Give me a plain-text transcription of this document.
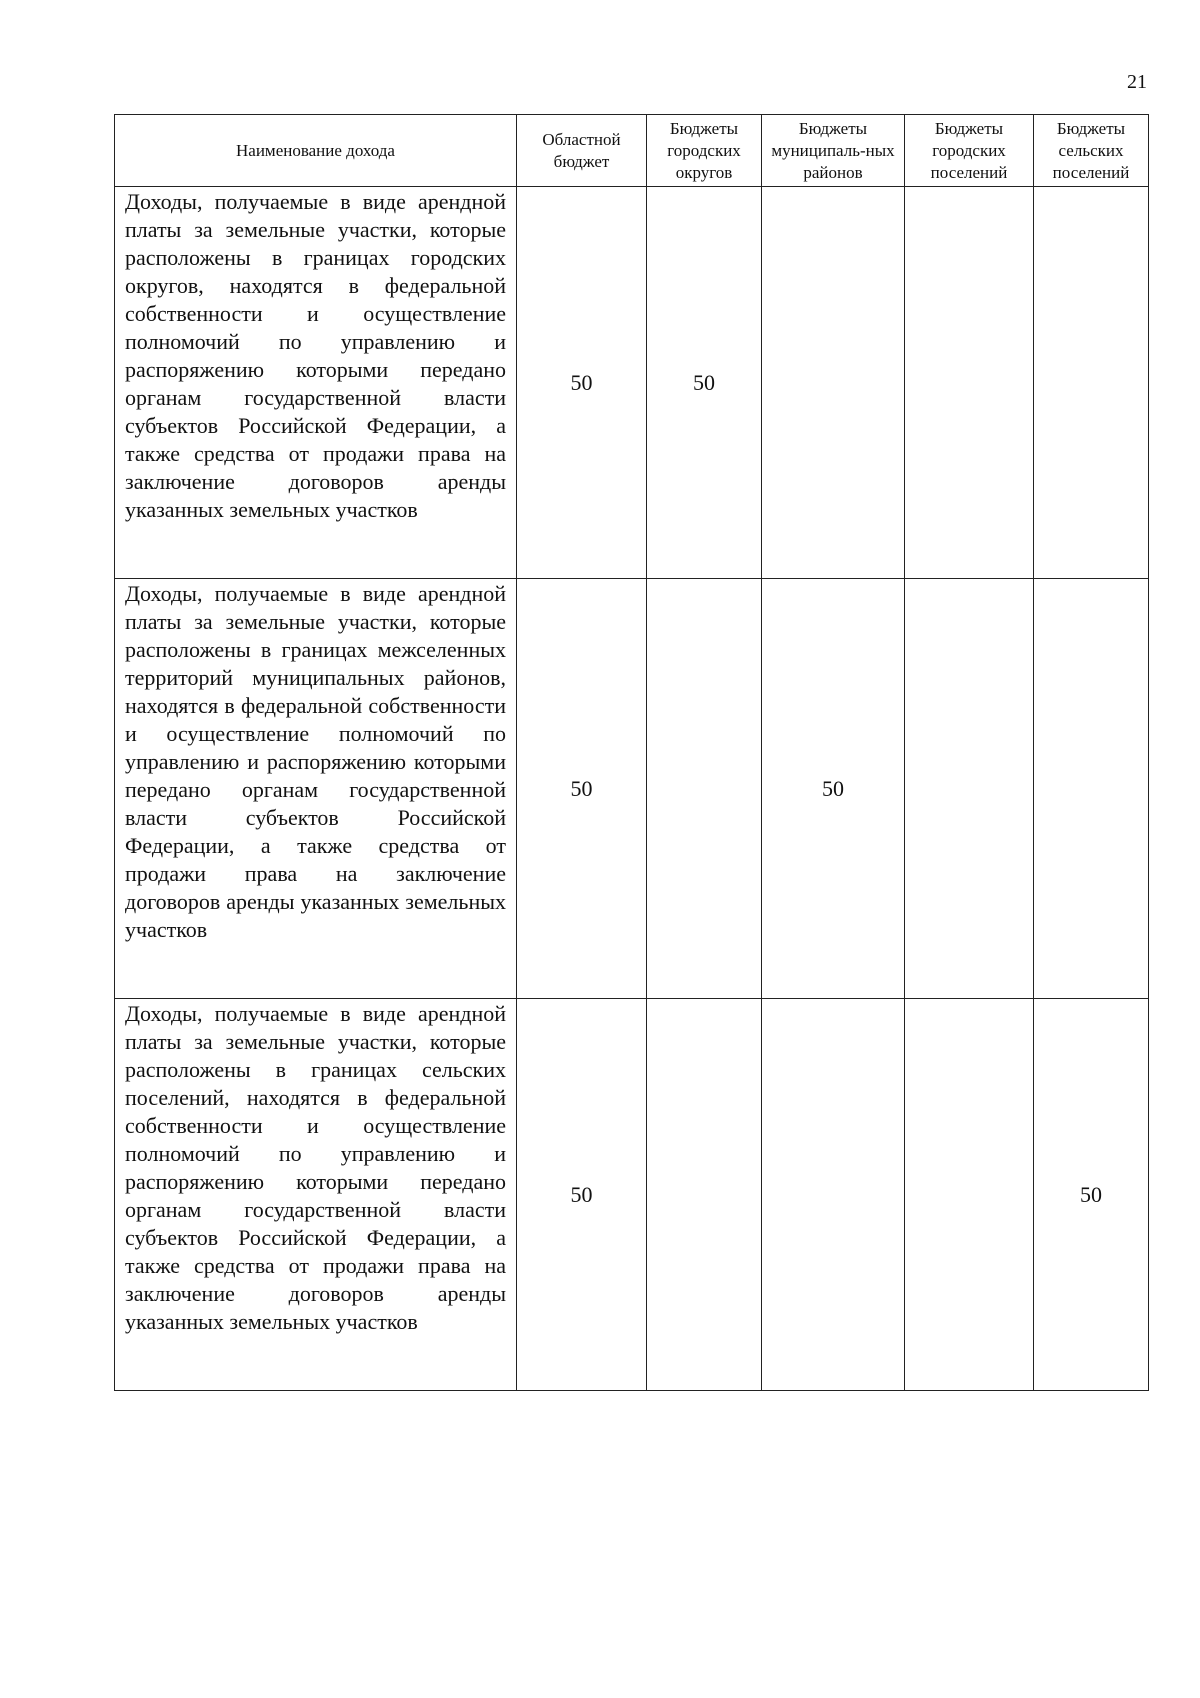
21
Наименование дохода	Областной бюджет	Бюджеты городских округов	Бюджеты муниципаль-ных районов	Бюджеты городских поселений	Бюджеты сельских поселений
Доходы, получаемые в виде арендной платы за земельные участки, которые расположены в границах городских округов, находятся в федеральной собственности и осуществление полномочий по управлению и распоряжению которыми передано органам государственной власти субъектов Российской Федерации, а также средства от продажи права на заключение договоров аренды указанных земельных участков	50	50			
Доходы, получаемые в виде арендной платы за земельные участки, которые расположены в границах межселенных территорий муниципальных районов, находятся в федеральной собственности и осуществление полномочий по управлению и распоряжению которыми передано органам государственной власти субъектов Российской Федерации, а также средства от продажи права на заключение договоров аренды указанных земельных участков	50		50		
Доходы, получаемые в виде арендной платы за земельные участки, которые расположены в границах сельских поселений, находятся в федеральной собственности и осуществление полномочий по управлению и распоряжению которыми передано органам государственной власти субъектов Российской Федерации, а также средства от продажи права на заключение договоров аренды указанных земельных участков	50				50
